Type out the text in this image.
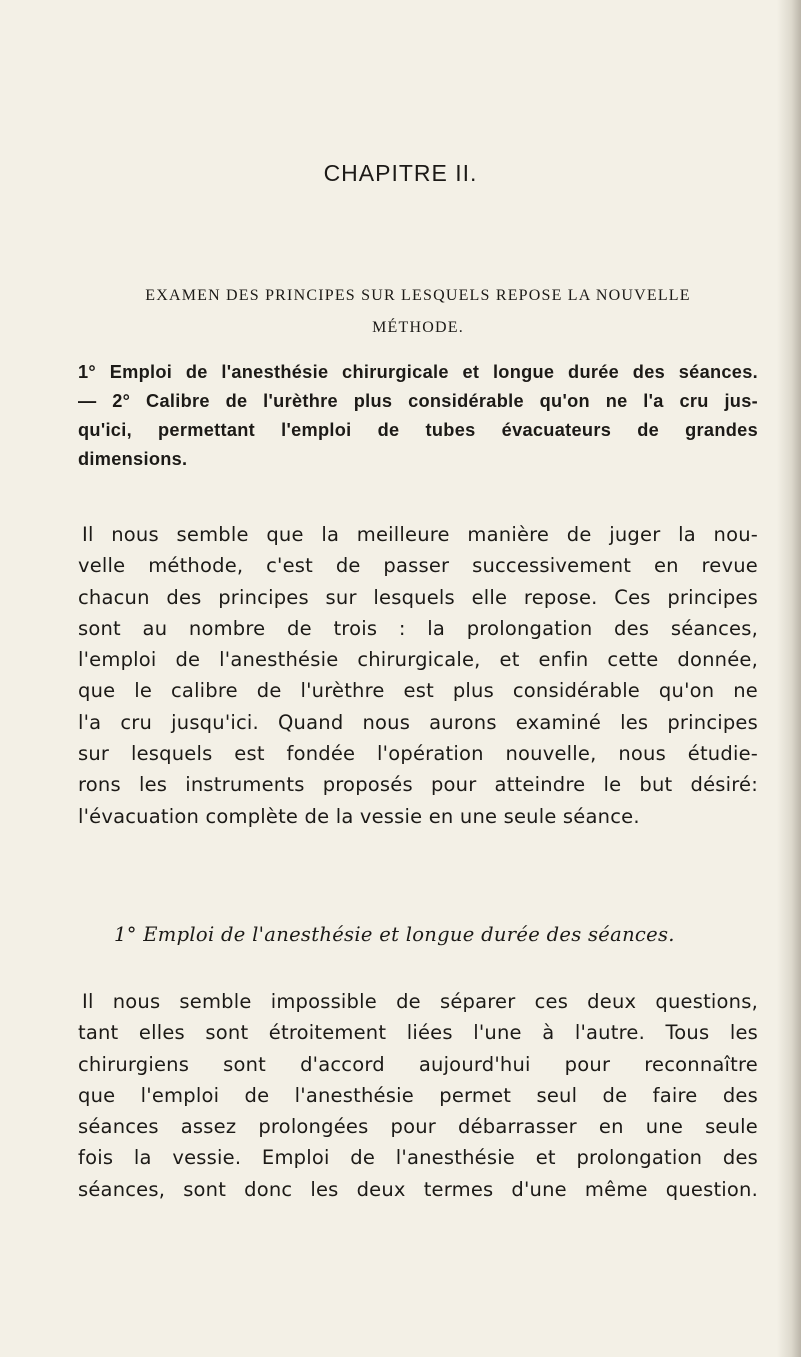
CHAPITRE II.
EXAMEN DES PRINCIPES SUR LESQUELS REPOSE LA NOUVELLE
MÉTHODE.
1° Emploi de l'anesthésie chirurgicale et longue durée des séances.
— 2° Calibre de l'urèthre plus considérable qu'on ne l'a cru jus-
qu'ici, permettant l'emploi de tubes évacuateurs de grandes
dimensions.
Il nous semble que la meilleure manière de juger la nou-
velle méthode, c'est de passer successivement en revue
chacun des principes sur lesquels elle repose. Ces principes
sont au nombre de trois : la prolongation des séances,
l'emploi de l'anesthésie chirurgicale, et enfin cette donnée,
que le calibre de l'urèthre est plus considérable qu'on ne
l'a cru jusqu'ici. Quand nous aurons examiné les principes
sur lesquels est fondée l'opération nouvelle, nous étudie-
rons les instruments proposés pour atteindre le but désiré:
l'évacuation complète de la vessie en une seule séance.
1° Emploi de l'anesthésie et longue durée des séances.
Il nous semble impossible de séparer ces deux questions,
tant elles sont étroitement liées l'une à l'autre. Tous les
chirurgiens sont d'accord aujourd'hui pour reconnaître
que l'emploi de l'anesthésie permet seul de faire des
séances assez prolongées pour débarrasser en une seule
fois la vessie. Emploi de l'anesthésie et prolongation des
séances, sont donc les deux termes d'une même question.
